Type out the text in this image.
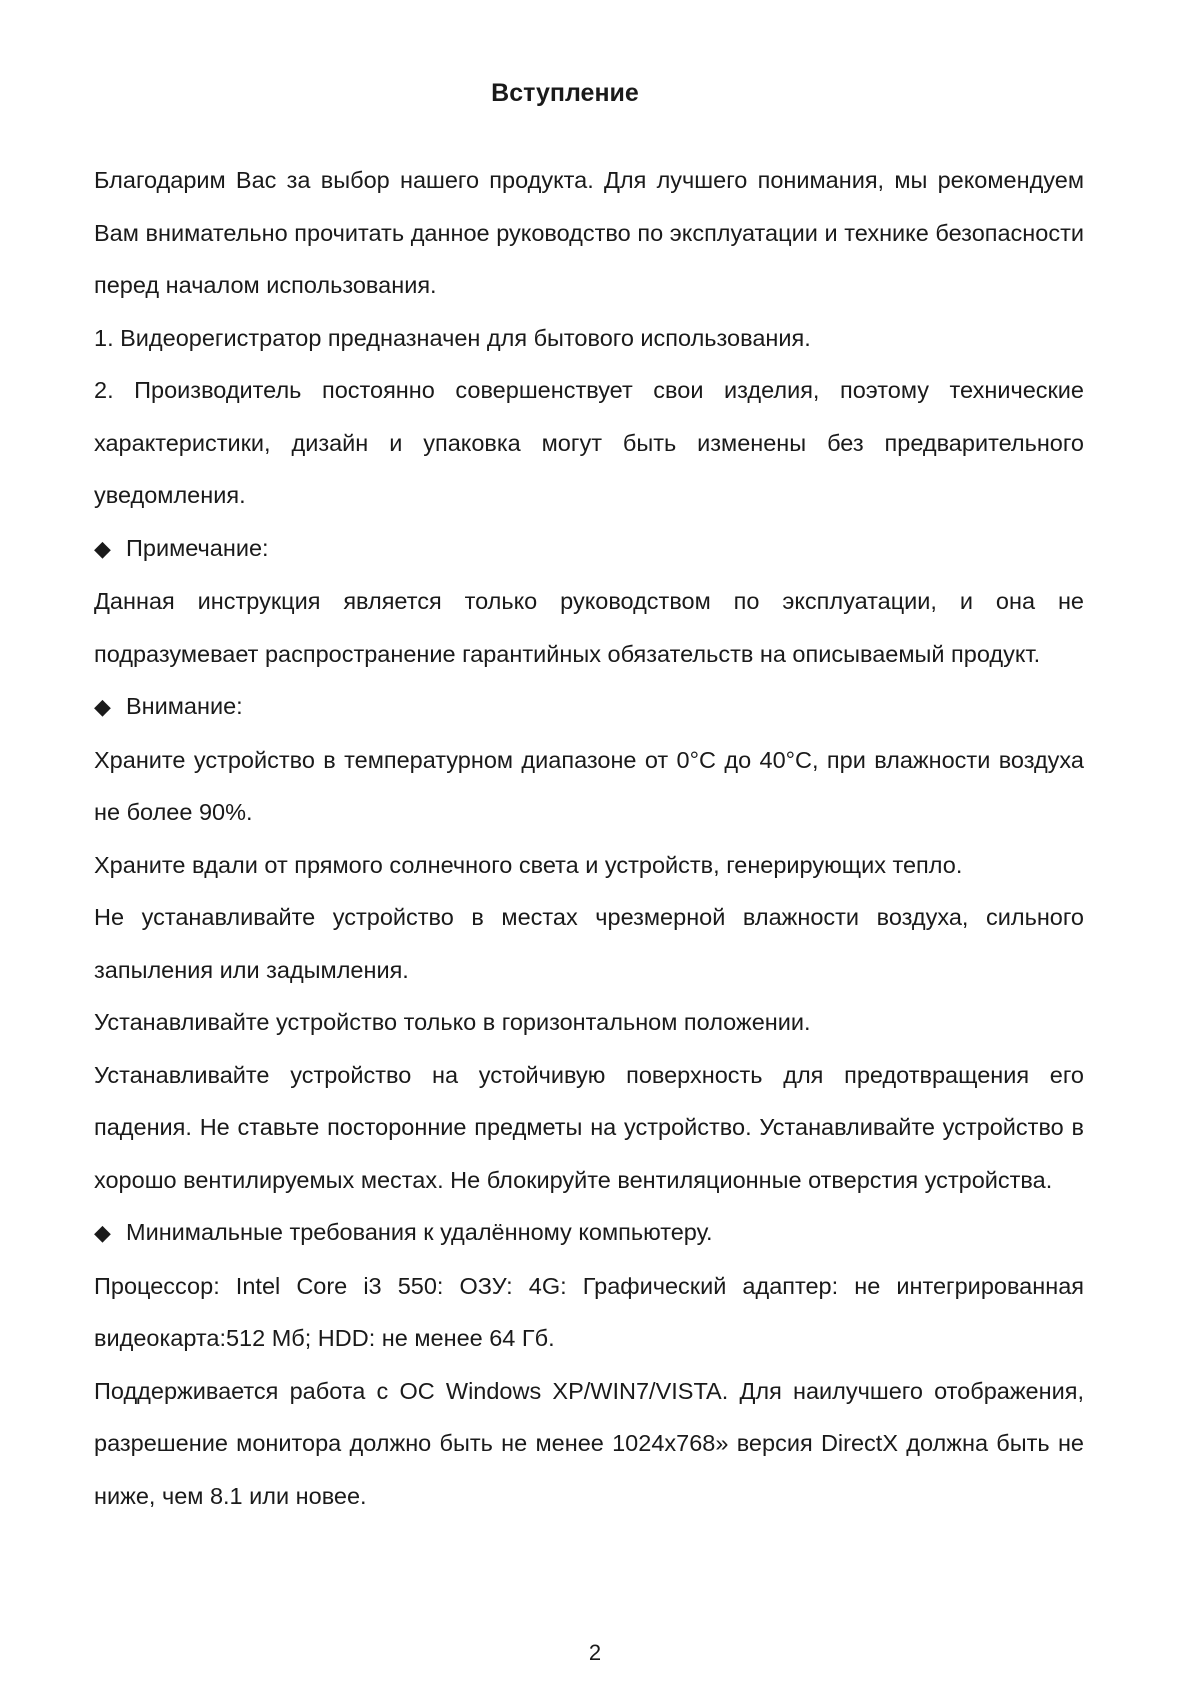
Вступление

Благодарим Вас за выбор нашего продукта. Для лучшего понимания, мы рекомендуем Вам внимательно прочитать данное руководство по эксплуатации и технике безопасности перед началом использования.

1. Видеорегистратор предназначен для бытового использования.

2. Производитель постоянно совершенствует свои изделия, поэтому технические характеристики, дизайн и упаковка могут быть изменены без предварительного уведомления.

◆ Примечание:

Данная инструкция является только руководством по эксплуатации, и она не подразумевает распространение гарантийных обязательств на описываемый продукт.

◆ Внимание:

Храните устройство в температурном диапазоне от 0°С до 40°С, при влажности воздуха не более 90%.

Храните вдали от прямого солнечного света и устройств, генерирующих тепло.

Не устанавливайте устройство в местах чрезмерной влажности воздуха, сильного запыления или задымления.

Устанавливайте устройство только в горизонтальном положении.

Устанавливайте устройство на устойчивую поверхность для предотвращения его падения. Не ставьте посторонние предметы на устройство. Устанавливайте устройство в хорошо вентилируемых местах. Не блокируйте вентиляционные отверстия устройства.

◆ Минимальные требования к удалённому компьютеру.

Процессор: Intel Core i3 550: ОЗУ: 4G: Графический адаптер: не интегрированная видеокарта:512 Мб; HDD: не менее 64 Гб.

Поддерживается работа с ОС Windows XP/WIN7/VISTA. Для наилучшего отображения, разрешение монитора должно быть не менее 1024x768» версия DirectX должна быть не ниже, чем 8.1 или новее.

2
